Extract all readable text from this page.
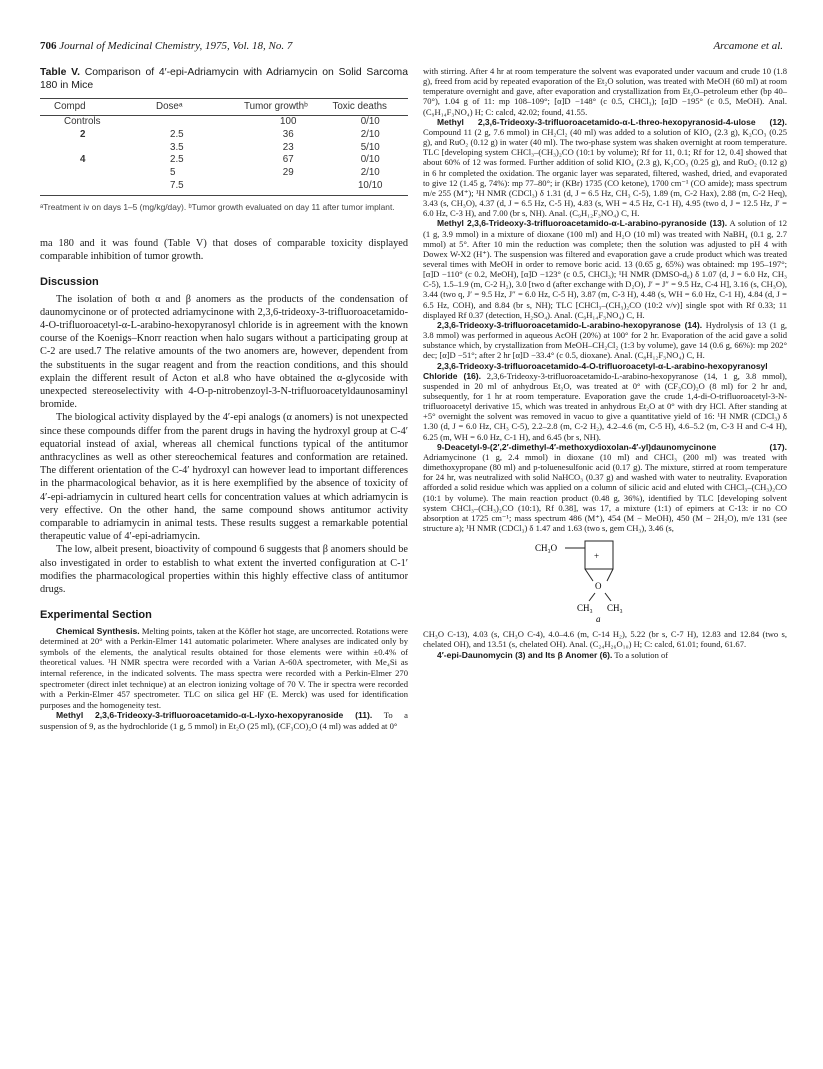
706 Journal of Medicinal Chemistry, 1975, Vol. 18, No. 7	Arcamone et al.
Table V. Comparison of 4′-epi-Adriamycin with Adriamycin on Solid Sarcoma 180 in Mice
Compd	Doseᵃ	Tumor growthᵇ	Toxic deaths
Controls		100	0/10
2	2.5	36	2/10
	3.5	23	5/10
4	2.5	67	0/10
	5	29	2/10
	7.5		10/10
ᵃTreatment iv on days 1–5 (mg/kg/day). ᵇTumor growth evaluated on day 11 after tumor implant.

ma 180 and it was found (Table V) that doses of comparable toxicity displayed comparable inhibition of tumor growth.

Discussion

The isolation of both α and β anomers as the products of the condensation of daunomycinone or of protected adriamycinone with 2,3,6-trideoxy-3-trifluoroacetamido-4-O-trifluoroacetyl-α-L-arabino-hexopyranosyl chloride is in agreement with the known course of the Koenigs–Knorr reaction when halo sugars without a participating group at C-2 are used.7 The relative amounts of the two anomers are, however, dependent from the substituents in the sugar reagent and from the reaction conditions, and this should explain the different result of Acton et al.8 who have obtained the α-glycoside with unexpected stereoselectivity with 4-O-p-nitrobenzoyl-3-N-trifluoroacetyldaunosaminyl bromide.

The biological activity displayed by the 4′-epi analogs (α anomers) is not unexpected since these compounds differ from the parent drugs in having the hydroxyl group at C-4′ equatorial instead of axial, whereas all chemical functions typical of the antitumor anthracyclines as well as other stereochemical features and conformation are retained. The different orientation of the C-4′ hydroxyl can however lead to important differences in the pharmacological behavior, as it is here exemplified by the absence of toxicity of 4′-epi-adriamycin in cultured heart cells for concentration values at which adriamycin is very effective. On the other hand, the same compound shows antitumor activity comparable to adriamycin in animal tests. These results suggest a remarkable potential therapeutic value of 4′-epi-adriamycin.

The low, albeit present, bioactivity of compound 6 suggests that β anomers should be also investigated in order to establish to what extent the inverted configuration at C-1′ modifies the pharmacological properties within this highly effective class of antitumor drugs.

Experimental Section

Chemical Synthesis. Melting points, taken at the Köfler hot stage, are uncorrected. Rotations were determined at 20° with a Perkin-Elmer 141 automatic polarimeter. Where analyses are indicated only by symbols of the elements, the analytical results obtained for those elements were within ±0.4% of theoretical values. ¹H NMR spectra were recorded with a Varian A-60A spectrometer, with Me₄Si as internal reference, in the indicated solvents. The mass spectra were recorded with a Perkin-Elmer 270 spectrometer (direct inlet technique) at an electron ionizing voltage of 70 V. The ir spectra were recorded with a Perkin-Elmer 457 spectrometer. TLC on silica gel HF (E. Merck) was used for identification purposes and the homogeneity test.

Methyl 2,3,6-Trideoxy-3-trifluoroacetamido-α-L-lyxo-hexopyranoside (11). To a suspension of 9, as the hydrochloride (1 g, 5 mmol) in Et₂O (25 ml), (CF₃CO)₂O (4 ml) was added at 0°

with stirring. After 4 hr at room temperature the solvent was evaporated under vacuum and crude 10 (1.8 g), freed from acid by repeated evaporation of the Et₂O solution, was treated with MeOH (60 ml) at room temperature overnight and gave, after evaporation and crystallization from Et₂O–petroleum ether (bp 40–70°), 1.04 g of 11: mp 108–109°; [α]D −148° (c 0.5, CHCl₃); [α]D −195° (c 0.5, MeOH). Anal. (C₉H₁₄F₃NO₄) H; C: calcd, 42.02; found, 41.55.

Methyl 2,3,6-Trideoxy-3-trifluoroacetamido-α-L-threo-hexopyranosid-4-ulose (12). Compound 11 (2 g, 7.6 mmol) in CH₂Cl₂ (40 ml) was added to a solution of KIO₄ (2.3 g), K₂CO₃ (0.25 g), and RuO₂ (0.12 g) in water (40 ml). The two-phase system was shaken overnight at room temperature. TLC [developing system CHCl₃–(CH₃)₂CO (10:1 by volume); Rf for 11, 0.1; Rf for 12, 0.4] showed that about 60% of 12 was formed. Further addition of solid KIO₄ (2.3 g), K₂CO₃ (0.25 g), and RuO₂ (0.12 g) in 6 hr completed the oxidation. The organic layer was separated, filtered, washed, dried, and evaporated to give 12 (1.45 g, 74%): mp 77–80°; ir (KBr) 1735 (CO ketone), 1700 cm⁻¹ (CO amide); mass spectrum m/e 255 (M⁺); ¹H NMR (CDCl₃) δ 1.31 (d, J = 6.5 Hz, CH₃ C-5), 1.89 (m, C-2 Hax), 2.88 (m, C-2 Heq), 3.43 (s, CH₃O), 4.37 (d, J = 6.5 Hz, C-5 H), 4.83 (s, WH = 4.5 Hz, C-1 H), 4.95 (two d, J = 12.5 Hz, J′ = 6.0 Hz, C-3 H), and 7.00 (br s, NH). Anal. (C₉H₁₂F₃NO₄) C, H.

Methyl 2,3,6-Trideoxy-3-trifluoroacetamido-α-L-arabino-pyranoside (13). A solution of 12 (1 g, 3.9 mmol) in a mixture of dioxane (100 ml) and H₂O (10 ml) was treated with NaBH₄ (0.1 g, 2.7 mmol) at 5°. After 10 min the reduction was complete; then the solution was adjusted to pH 4 with Dowex W-X2 (H⁺). The suspension was filtered and evaporation gave a crude product which was treated several times with MeOH in order to remove boric acid. 13 (0.65 g, 65%) was obtained: mp 195–197°; [α]D −110° (c 0.2, MeOH), [α]D −123° (c 0.5, CHCl₃); ¹H NMR (DMSO-d₆) δ 1.07 (d, J = 6.0 Hz, CH₃ C-5), 1.5–1.9 (m, C-2 H₂), 3.0 [two d (after exchange with D₂O), J′ = J″ = 9.5 Hz, C-4 H], 3.16 (s, CH₃O), 3.44 (two q, J′ = 9.5 Hz, J″ = 6.0 Hz, C-5 H), 3.87 (m, C-3 H), 4.48 (s, WH = 6.0 Hz, C-1 H), 4.84 (d, J = 6.5 Hz, COH), and 8.84 (br s, NH); TLC [CHCl₃–(CH₃)₂CO (10:2 v/v)] single spot with Rf 0.33; 11 displayed Rf 0.37 (detection, H₂SO₄). Anal. (C₉H₁₄F₃NO₄) C, H.

2,3,6-Trideoxy-3-trifluoroacetamido-L-arabino-hexopyranose (14). Hydrolysis of 13 (1 g, 3.8 mmol) was performed in aqueous AcOH (20%) at 100° for 2 hr. Evaporation of the acid gave a solid substance which, by crystallization from MeOH–CH₂Cl₂ (1:3 by volume), gave 14 (0.6 g, 66%): mp 202° dec; [α]D −51°; after 2 hr [α]D −33.4° (c 0.5, dioxane). Anal. (C₈H₁₂F₃NO₄) C, H.

2,3,6-Trideoxy-3-trifluoroacetamido-4-O-trifluoroacetyl-α-L-arabino-hexopyranosyl Chloride (16). 2,3,6-Trideoxy-3-trifluoroacetamido-L-arabino-hexopyranose (14, 1 g, 3.8 mmol), suspended in 20 ml of anhydrous Et₂O, was treated at 0° with (CF₃CO)₂O (8 ml) for 2 hr and, subsequently, for 1 hr at room temperature. Evaporation gave the crude 1,4-di-O-trifluoroacetyl-3-N-trifluoroacetyl derivative 15, which was treated in anhydrous Et₂O at 0° with dry HCl. After standing at +5° overnight the solvent was removed in vacuo to give a quantitative yield of 16: ¹H NMR (CDCl₃) δ 1.30 (d, J = 6.0 Hz, CH₃ C-5), 2.2–2.8 (m, C-2 H₂), 4.2–4.6 (m, C-5 H), 4.6–5.2 (m, C-3 H and C-4 H), 6.25 (m, WH = 6.0 Hz, C-1 H), and 6.45 (br s, NH).

9-Deacetyl-9-(2′,2′-dimethyl-4′-methoxydioxolan-4′-yl)daunomycinone (17). Adriamycinone (1 g, 2.4 mmol) in dioxane (10 ml) and CHCl₃ (200 ml) was treated with dimethoxypropane (80 ml) and p-toluenesulfonic acid (0.17 g). The mixture, stirred at room temperature for 24 hr, was neutralized with solid NaHCO₃ (0.37 g) and washed with water to neutrality. Evaporation afforded a solid residue which was applied on a column of silicic acid and eluted with CHCl₃–(CH₃)₂CO (10:1 by volume). The main reaction product (0.48 g, 36%), identified by TLC [developing solvent system CHCl₃–(CH₃)₂CO (10:1), Rf 0.38], was 17, a mixture (1:1) of epimers at C-13: ir no CO absorption at 1725 cm⁻¹; mass spectrum 486 (M⁺), 454 (M − MeOH), 450 (M − 2H₂O), m/e 131 (see structure a); ¹H NMR (CDCl₃) δ 1.47 and 1.63 (two s, gem CH₃), 3.46 (s,

CH₃O
+
O
CH₃ CH₃
a

CH₃O C-13), 4.03 (s, CH₃O C-4), 4.0–4.6 (m, C-14 H₂), 5.22 (br s, C-7 H), 12.83 and 12.84 (two s, chelated OH), and 13.51 (s, chelated OH). Anal. (C₂₄H₂₆O₁₀) H; C: calcd, 61.01; found, 61.67.

4′-epi-Daunomycin (3) and Its β Anomer (6). To a solution of
